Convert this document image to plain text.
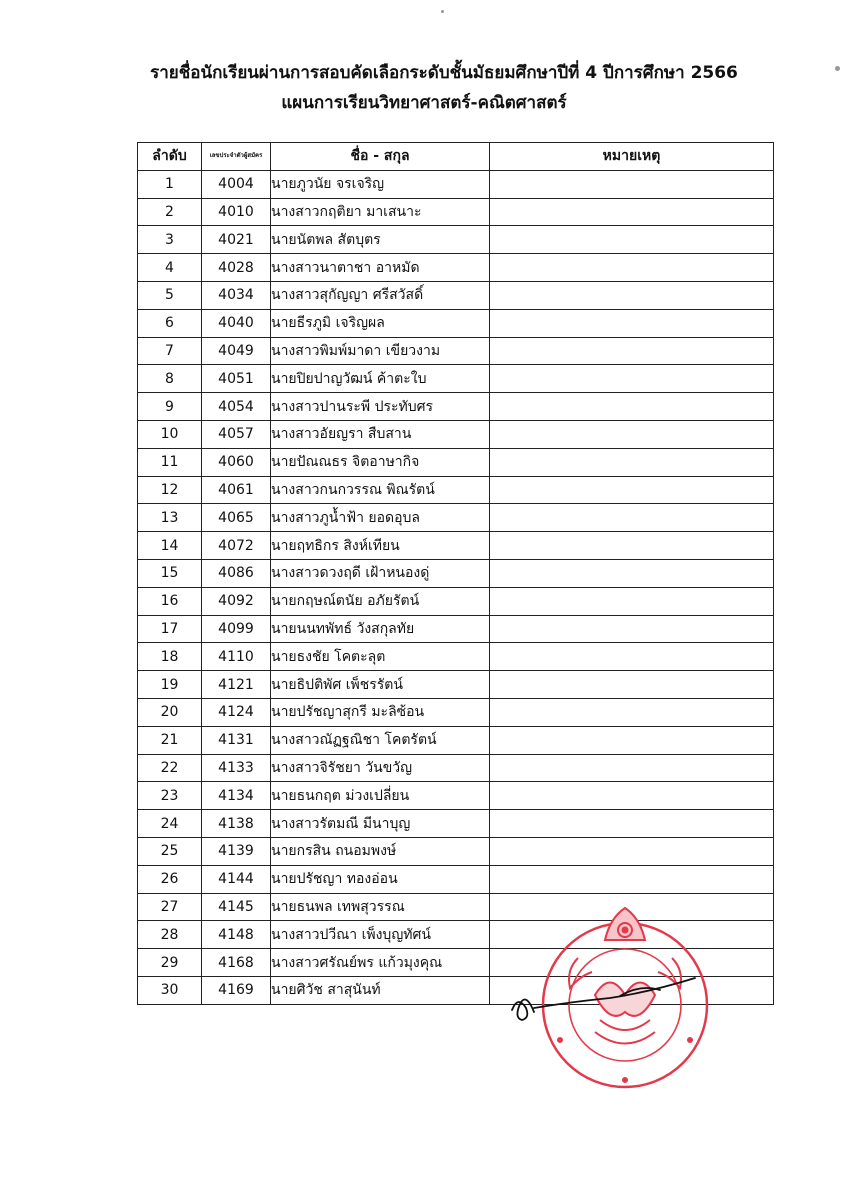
รายชื่อนักเรียนผ่านการสอบคัดเลือกระดับชั้นมัธยมศึกษาปีที่ 4 ปีการศึกษา 2566
แผนการเรียนวิทยาศาสตร์-คณิตศาสตร์
ลำดับ	เลขประจำตัวผู้สมัคร	ชื่อ - สกุล	หมายเหตุ
1	4004	นายภูวนัย จรเจริญ	
2	4010	นางสาวกฤติยา มาเสนาะ	
3	4021	นายนัตพล สัตบุตร	
4	4028	นางสาวนาตาชา อาหมัด	
5	4034	นางสาวสุกัญญา ศรีสวัสดิ์	
6	4040	นายธีรภูมิ เจริญผล	
7	4049	นางสาวพิมพ์มาดา เขียวงาม	
8	4051	นายปิยปาญวัฒน์ ค้าตะใบ	
9	4054	นางสาวปานระพี ประทับศร	
10	4057	นางสาวอัยญรา สืบสาน	
11	4060	นายปัณณธร จิตอาษากิจ	
12	4061	นางสาวกนกวรรณ พิณรัตน์	
13	4065	นางสาวภูน้ำฟ้า ยอดอุบล	
14	4072	นายฤทธิกร สิงห์เทียน	
15	4086	นางสาวดวงฤดี เฝ้าหนองดู่	
16	4092	นายกฤษณ์ตนัย อภัยรัตน์	
17	4099	นายนนทพัทธ์ วังสกุลทัย	
18	4110	นายธงชัย โคตะลุต	
19	4121	นายธิปติพัศ เพ็ชรรัตน์	
20	4124	นายปรัชญาสุกรี มะลิซ้อน	
21	4131	นางสาวณัฏฐณิชา โคตรัตน์	
22	4133	นางสาวจิรัชยา วันขวัญ	
23	4134	นายธนกฤต ม่วงเปลี่ยน	
24	4138	นางสาวรัตมณี มีนาบุญ	
25	4139	นายกรสิน ถนอมพงษ์	
26	4144	นายปรัชญา ทองอ่อน	
27	4145	นายธนพล เทพสุวรรณ	
28	4148	นางสาวปวีณา เพ็งบุญทัศน์	
29	4168	นางสาวศรัณย์พร แก้วมุงคุณ	
30	4169	นายศิวัช สาสุนันท์	
